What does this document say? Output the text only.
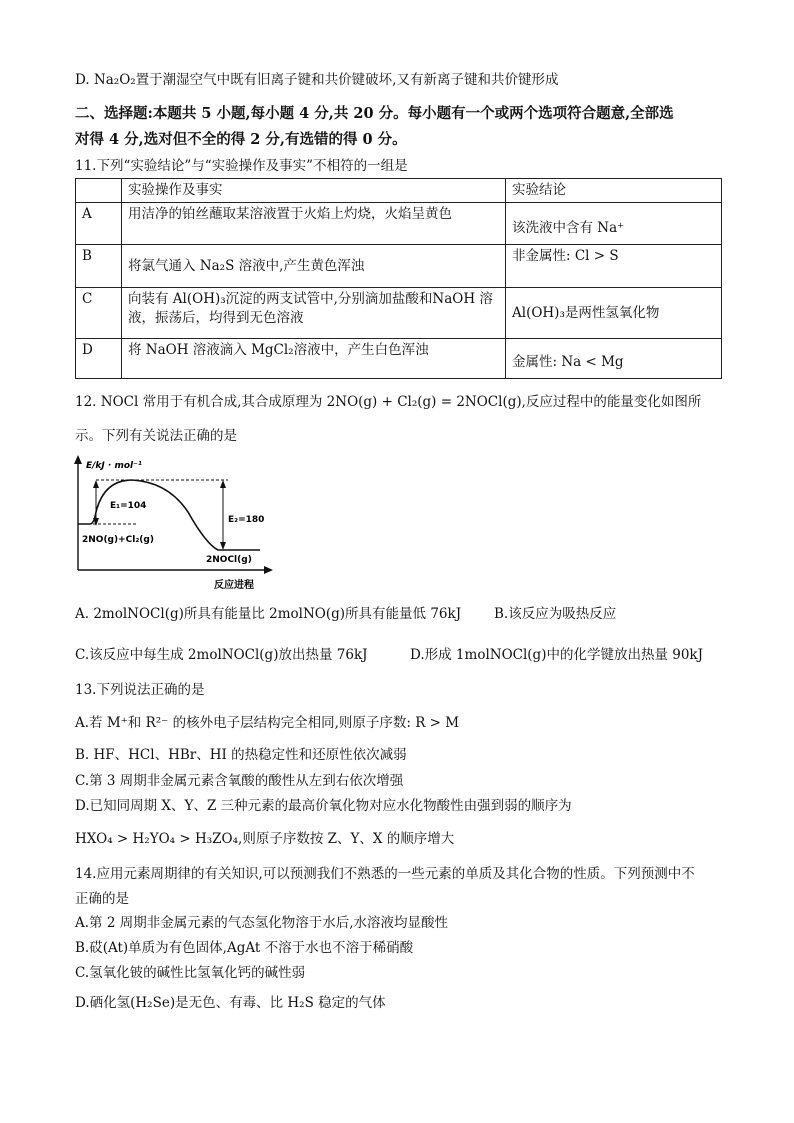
D. Na₂O₂置于潮湿空气中既有旧离子键和共价键破坏,又有新离子键和共价键形成
二、选择题:本题共 5 小题,每小题 4 分,共 20 分。每小题有一个或两个选项符合题意,全部选
对得 4 分,选对但不全的得 2 分,有选错的得 0 分。
11.下列“实验结论”与“实验操作及事实”不相符的一组是
	实验操作及事实	实验结论
A	用洁净的铂丝蘸取某溶液置于火焰上灼烧，火焰呈黄色	该洗液中含有 Na⁺
B	将氯气通入 Na₂S 溶液中,产生黄色浑浊	非金属性: Cl > S
C	向装有 Al(OH)₃沉淀的两支试管中,分别滴加盐酸和NaOH 溶
液，振荡后，均得到无色溶液	Al(OH)₃是两性氢氧化物
D	将 NaOH 溶液滴入 MgCl₂溶液中，产生白色浑浊	金属性: Na < Mg
12. NOCl 常用于有机合成,其合成原理为 2NO(g) + Cl₂(g) = 2NOCl(g),反应过程中的能量变化如图所
示。下列有关说法正确的是
E/kJ · mol⁻¹
反应进程
E₁=104
E₂=180
2NO(g)+Cl₂(g)
2NOCl(g)
A. 2molNOCl(g)所具有能量比 2molNO(g)所具有能量低 76kJ B.该反应为吸热反应
C.该反应中每生成 2molNOCl(g)放出热量 76kJ	D.形成 1molNOCl(g)中的化学键放出热量 90kJ
13.下列说法正确的是
A.若 M⁺和 R²⁻ 的核外电子层结构完全相同,则原子序数: R > M
B. HF、HCl、HBr、HI 的热稳定性和还原性依次减弱
C.第 3 周期非金属元素含氧酸的酸性从左到右依次增强
D.已知同周期 X、Y、Z 三种元素的最高价氧化物对应水化物酸性由强到弱的顺序为
HXO₄ > H₂YO₄ > H₃ZO₄,则原子序数按 Z、Y、X 的顺序增大
14.应用元素周期律的有关知识,可以预测我们不熟悉的一些元素的单质及其化合物的性质。下列预测中不
正确的是
A.第 2 周期非金属元素的气态氢化物溶于水后,水溶液均显酸性
B.砹(At)单质为有色固体,AgAt 不溶于水也不溶于稀硝酸
C.氢氧化铍的碱性比氢氧化钙的碱性弱
D.硒化氢(H₂Se)是无色、有毒、比 H₂S 稳定的气体
